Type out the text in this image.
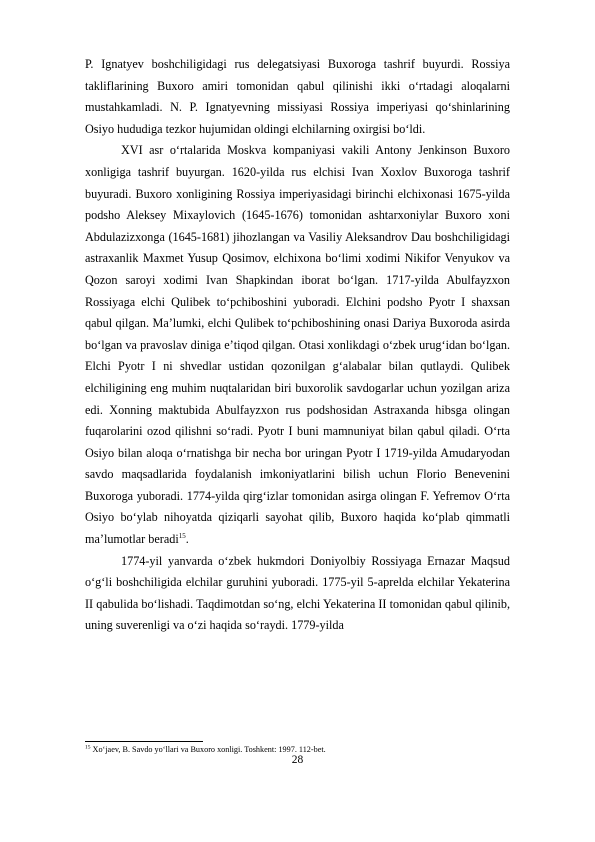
P. Ignatyev boshchiligidagi rus delegatsiyasi Buxoroga tashrif buyurdi. Rossiya takliflarining Buxoro amiri tomonidan qabul qilinishi ikki oʻrtadagi aloqalarni mustahkamladi. N. P. Ignatyevning missiyasi Rossiya imperiyasi qoʻshinlarining Osiyo hududiga tezkor hujumidan oldingi elchilarning oxirgisi boʻldi.

XVI asr oʻrtalarida Moskva kompaniyasi vakili Antony Jenkinson Buxoro xonligiga tashrif buyurgan. 1620-yilda rus elchisi Ivan Xoxlov Buxoroga tashrif buyuradi. Buxoro xonligining Rossiya imperiyasidagi birinchi elchixonasi 1675-yilda podsho Aleksey Mixaylovich (1645-1676) tomonidan ashtarxoniylar Buxoro xoni Abdulazizxonga (1645-1681) jihozlangan va Vasiliy Aleksandrov Dau boshchiligidagi astraxanlik Maxmet Yusup Qosimov, elchixona boʻlimi xodimi Nikifor Venyukov va Qozon saroyi xodimi Ivan Shapkindan iborat boʻlgan. 1717-yilda Abulfayzxon Rossiyaga elchi Qulibek toʻpchiboshini yuboradi. Elchini podsho Pyotr I shaxsan qabul qilgan. Maʼlumki, elchi Qulibek toʻpchiboshining onasi Dariya Buxoroda asirda boʻlgan va pravoslav diniga eʼtiqod qilgan. Otasi xonlikdagi oʻzbek urugʻidan boʻlgan. Elchi Pyotr I ni shvedlar ustidan qozonilgan gʻalabalar bilan qutlaydi. Qulibek elchiligining eng muhim nuqtalaridan biri buxorolik savdogarlar uchun yozilgan ariza edi. Xonning maktubida Abulfayzxon rus podshosidan Astraxanda hibsga olingan fuqarolarini ozod qilishni soʻradi. Pyotr I buni mamnuniyat bilan qabul qiladi. Oʻrta Osiyo bilan aloqa oʻrnatishga bir necha bor uringan Pyotr I 1719-yilda Amudaryodan savdo maqsadlarida foydalanish imkoniyatlarini bilish uchun Florio Benevenini Buxoroga yuboradi. 1774-yilda qirgʻizlar tomonidan asirga olingan F. Yefremov Oʻrta Osiyo boʻylab nihoyatda qiziqarli sayohat qilib, Buxoro haqida koʻplab qimmatli maʼlumotlar beradi$^{15}$.

1774-yil yanvarda oʻzbek hukmdori Doniyolbiy Rossiyaga Ernazar Maqsud oʻgʻli boshchiligida elchilar guruhini yuboradi. 1775-yil 5-aprelda elchilar Yekaterina II qabulida boʻlishadi. Taqdimotdan soʻng, elchi Yekaterina II tomonidan qabul qilinib, uning suverenligi va oʻzi haqida soʻraydi. 1779-yilda

$^{15}$ Xoʻjaev, B. Savdo yoʻllari va Buxoro xonligi. Toshkent: 1997. 112-bet.
28
